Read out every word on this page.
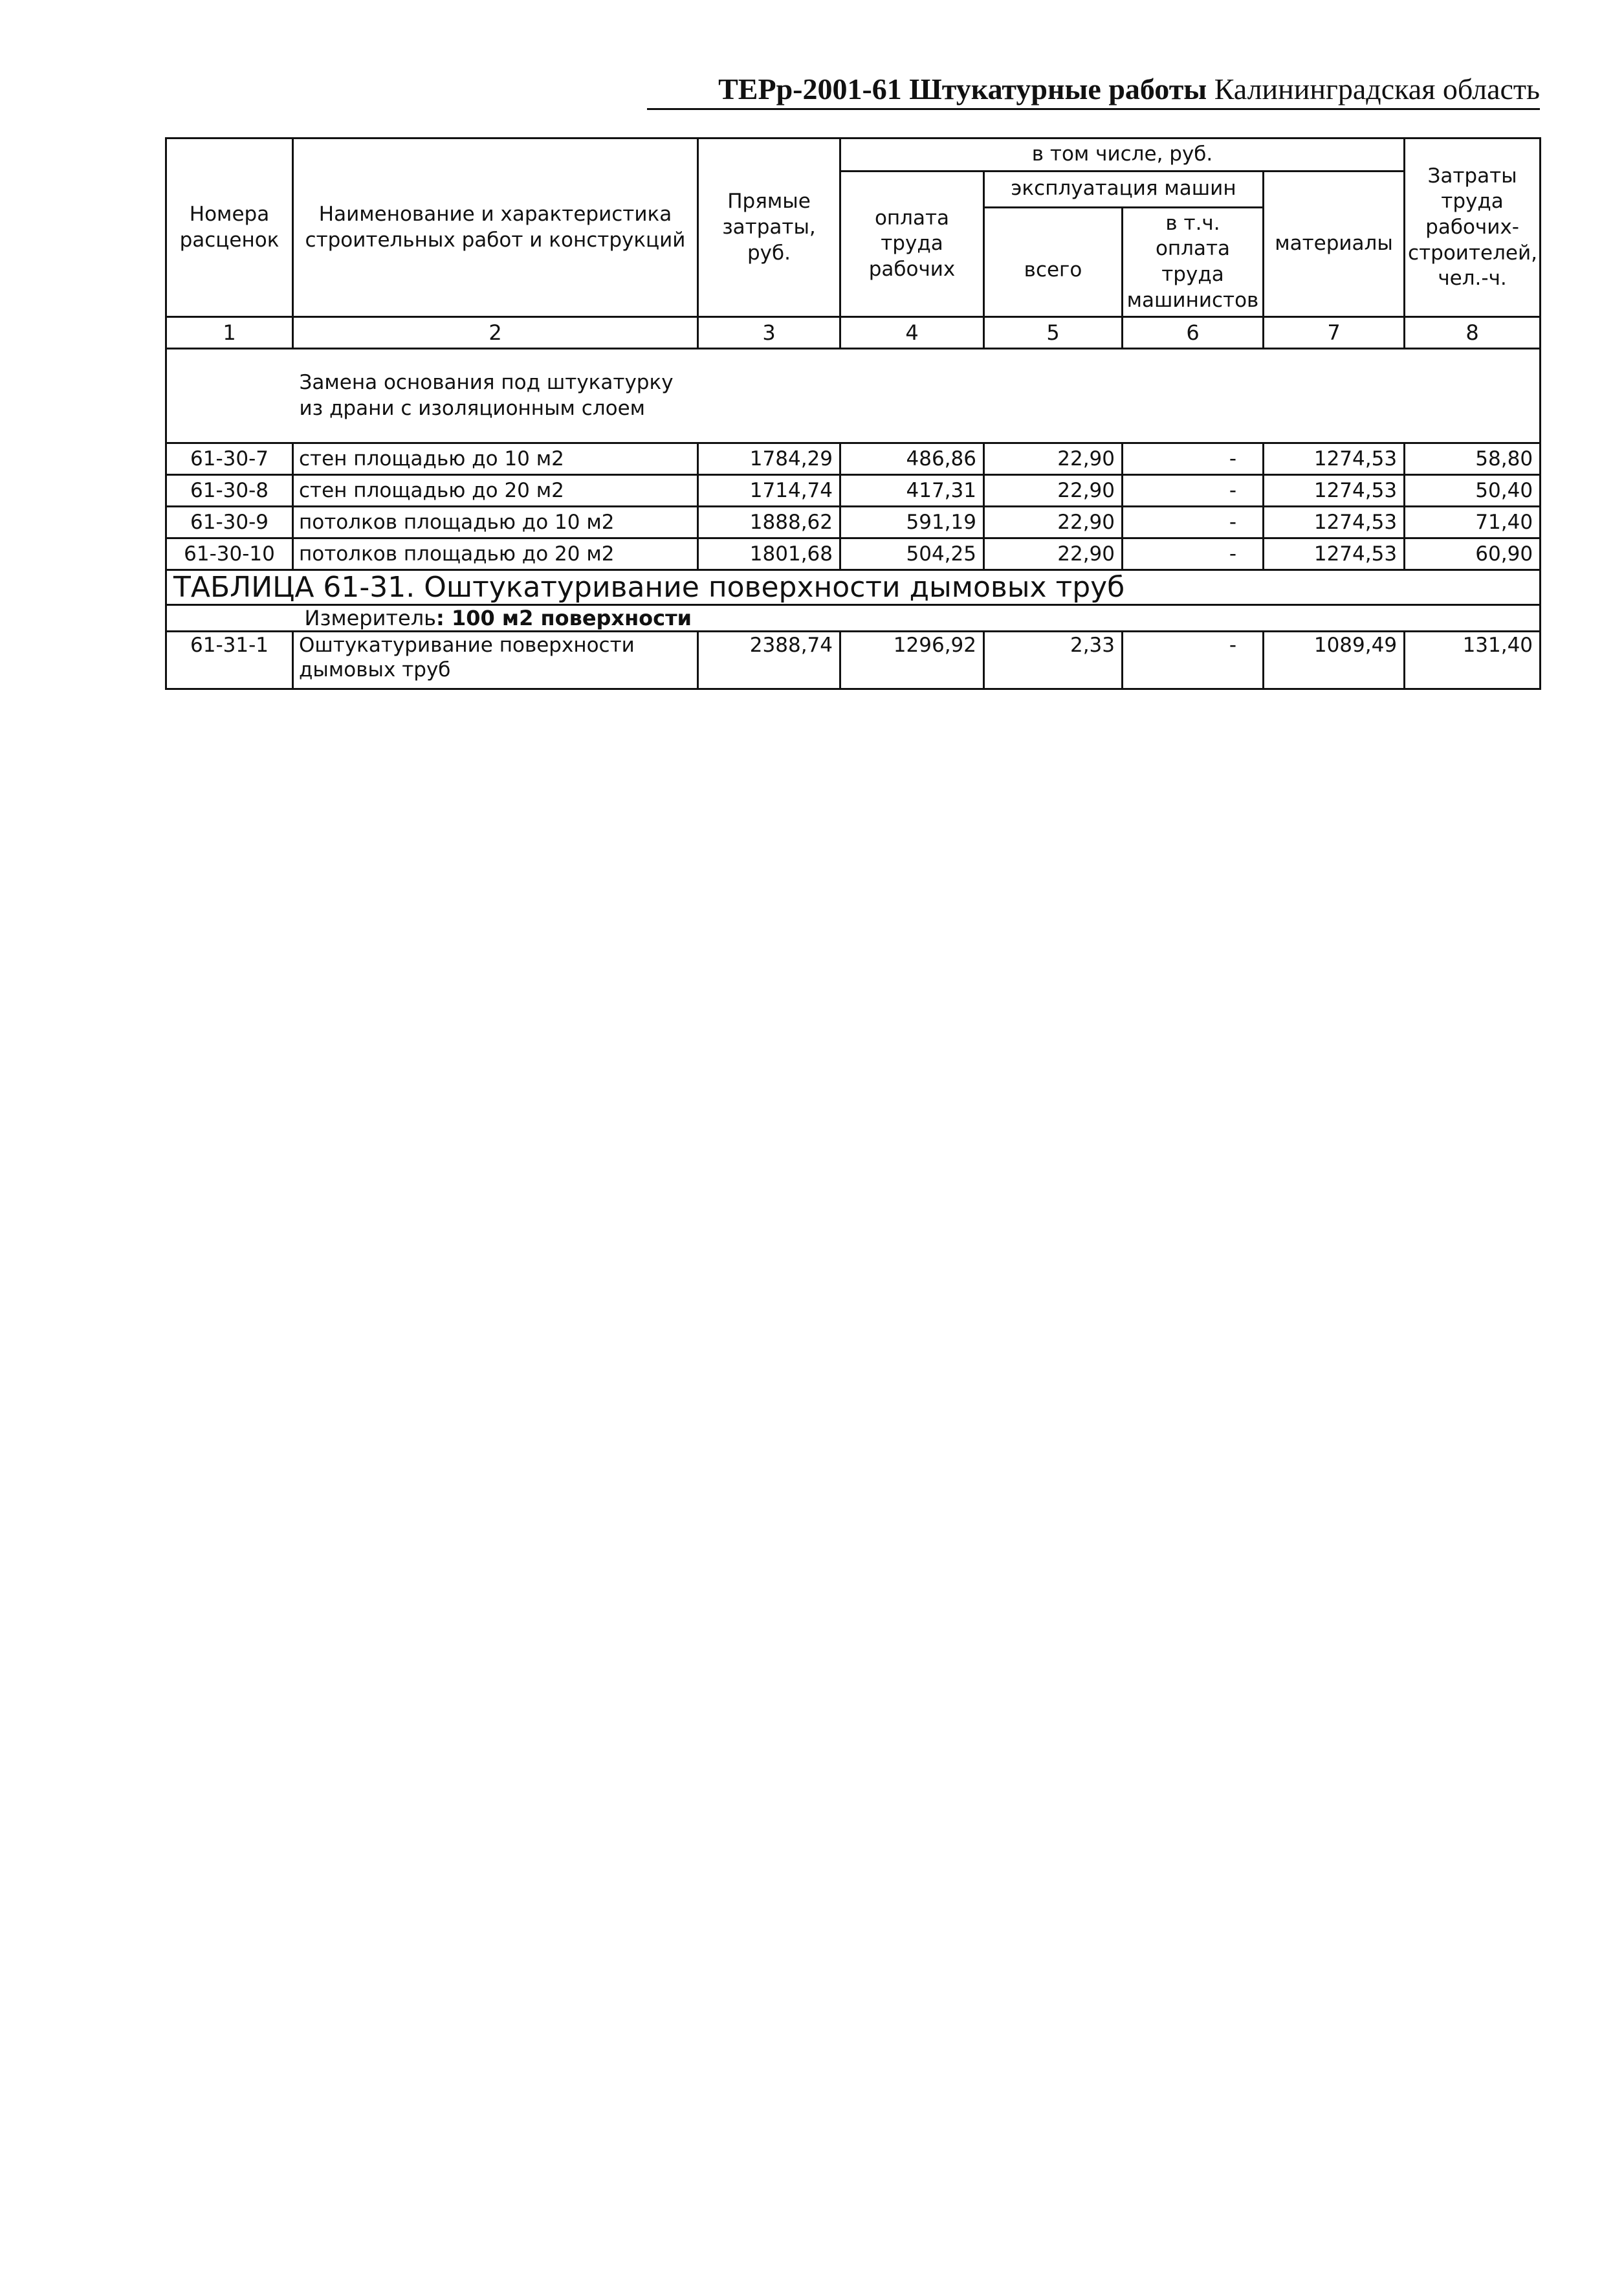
ТЕРр-2001-61 Штукатурные работы Калининградская область
Номера расценок	Наименование и характеристика строительных работ и конструкций	Прямые затраты, руб.	в том числе, руб.				Затраты труда рабочих-строителей, чел.-ч.
			оплата труда рабочих	эксплуатация машин		материалы	
				всего	в т.ч. оплата труда машинистов		

1	2	3	4	5	6	7	8
	Замена основания под штукатурку из драни с изоляционным слоем						
61-30-7	стен площадью до 10 м2	1784,29	486,86	22,90	-	1274,53	58,80
61-30-8	стен площадью до 20 м2	1714,74	417,31	22,90	-	1274,53	50,40
61-30-9	потолков площадью до 10 м2	1888,62	591,19	22,90	-	1274,53	71,40
61-30-10	потолков площадью до 20 м2	1801,68	504,25	22,90	-	1274,53	60,90
ТАБЛИЦА 61-31. Оштукатуривание поверхности дымовых труб							
	Измеритель: 100 м2 поверхности						
61-31-1	Оштукатуривание поверхности дымовых труб	2388,74	1296,92	2,33	-	1089,49	131,40
